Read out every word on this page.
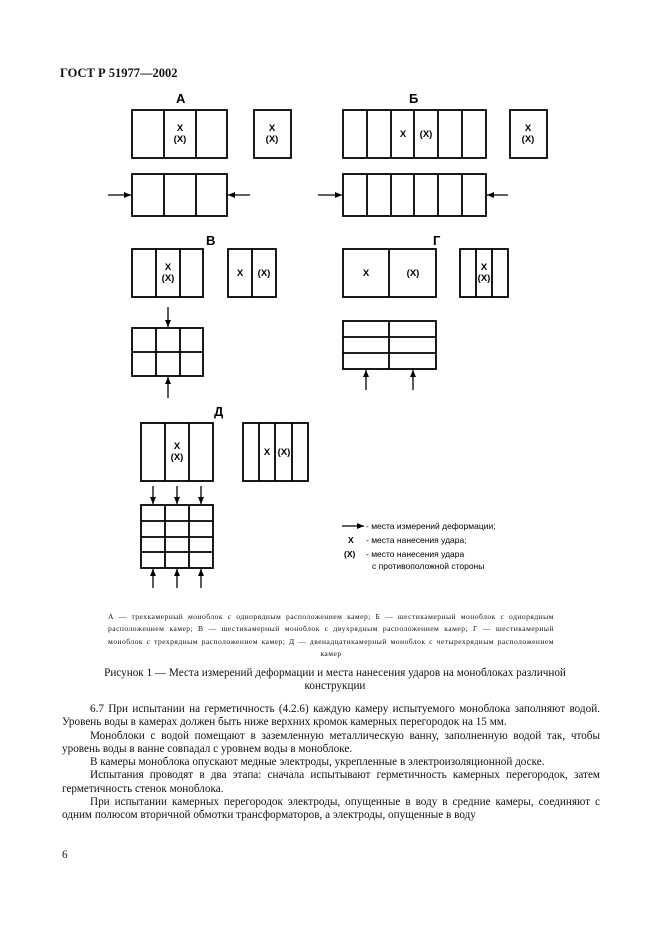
ГОСТ Р 51977—2002
А	Б
В	Г
Д
Х
(Х)
Х
(Х)	Х (Х)
Х
(Х)
Х
(Х)	Х (Х)	Х	(Х)
Х
(Х)
Х
(Х)	Х (Х)
- места измерений деформации;
Х - места нанесения удара;
(Х) - место нанесения удара
с противоположной стороны
А — трехкамерный моноблок с однорядным расположением камер; Б — шестикамерный моноблок с однорядным расположением камер; В — шестикамерный моноблок с двухрядным расположением камер; Г — шестикамерный моноблок с трехрядным расположением камер; Д — двенадцатикамерный моноблок с четырехрядным расположением камер
Рисунок 1 — Места измерений деформации и места нанесения ударов на моноблоках различной конструкции

6.7 При испытании на герметичность (4.2.6) каждую камеру испытуемого моноблока заполняют водой. Уровень воды в камерах должен быть ниже верхних кромок камерных перегородок на 15 мм.

Моноблоки с водой помещают в заземленную металлическую ванну, заполненную водой так, чтобы уровень воды в ванне совпадал с уровнем воды в моноблоке.

В камеры моноблока опускают медные электроды, укрепленные в электроизоляционной доске.

Испытания проводят в два этапа: сначала испытывают герметичность камерных перегородок, затем герметичность стенок моноблока.

При испытании камерных перегородок электроды, опущенные в воду в средние камеры, соединяют с одним полюсом вторичной обмотки трансформаторов, а электроды, опущенные в воду

6
